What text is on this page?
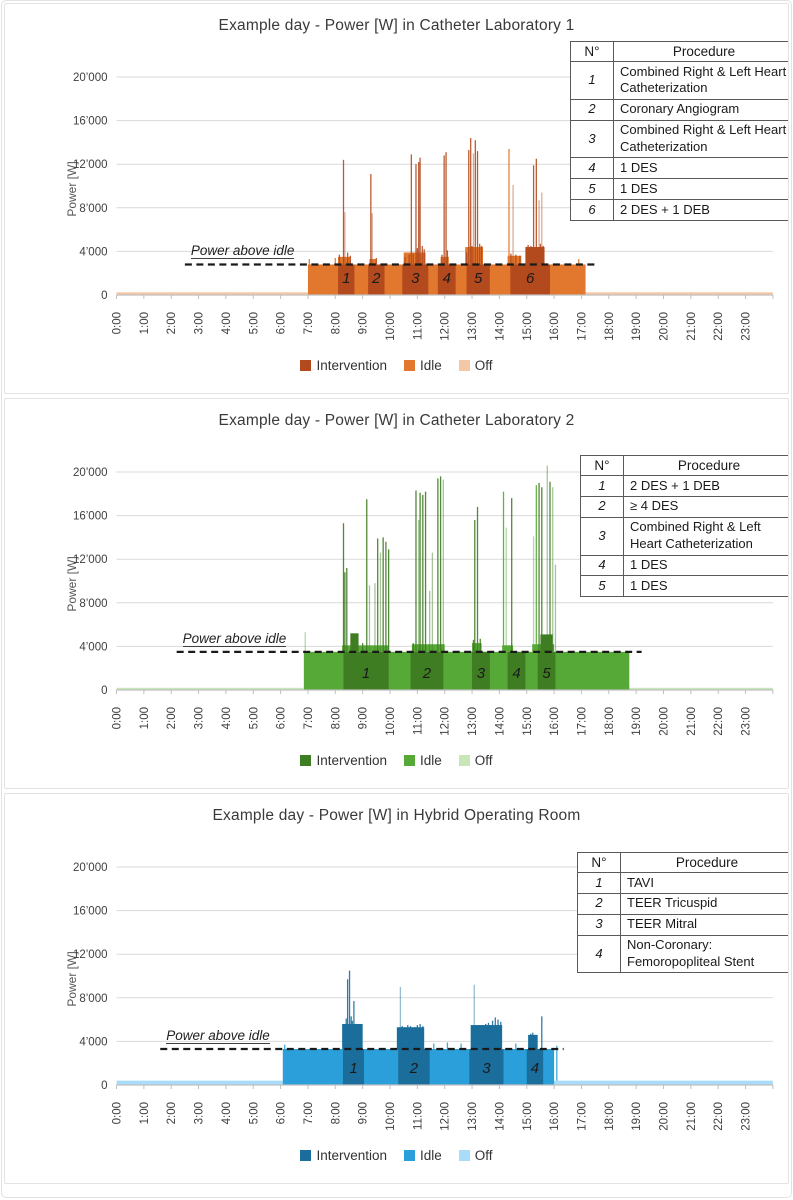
Example day - Power [W] in Catheter Laboratory 1
Power [W]
0
4’000
8’000
12’000
16’000
20’000
0:00 1:00 2:00 3:00 4:00 5:00 6:00 7:00 8:00 9:00 10:00 11:00 12:00 13:00 14:00 15:00 16:00 17:00 18:00 19:00 20:00 21:00 22:00 23:00
1 2 3 4 5	6
Power above idle
N°	Procedure
1	Combined Right & Left Heart Catheterization
2	Coronary Angiogram
3	Combined Right & Left Heart Catheterization
4	1 DES
5	1 DES
6	2 DES + 1 DEB
Intervention Idle Off
Example day - Power [W] in Catheter Laboratory 2
Power [W]
0
4’000
8’000
12’000
16’000
20’000
0:00 1:00 2:00 3:00 4:00 5:00 6:00 7:00 8:00 9:00 10:00 11:00 12:00 13:00 14:00 15:00 16:00 17:00 18:00 19:00 20:00 21:00 22:00 23:00
1	2	3 4 5
Power above idle
N°	Procedure
1	2 DES + 1 DEB
2	≥ 4 DES
3	Combined Right & Left Heart Catheterization
4	1 DES
5	1 DES
Intervention Idle Off
Example day - Power [W] in Hybrid Operating Room
Power [W]
0
4’000
8’000
12’000
16’000
20’000
0:00 1:00 2:00 3:00 4:00 5:00 6:00 7:00 8:00 9:00 10:00 11:00 12:00 13:00 14:00 15:00 16:00 17:00 18:00 19:00 20:00 21:00 22:00 23:00
1	2	3	4
Power above idle
N°	Procedure
1	TAVI
2	TEER Tricuspid
3	TEER Mitral
4	Non-Coronary: Femoropopliteal Stent
Intervention Idle Off
